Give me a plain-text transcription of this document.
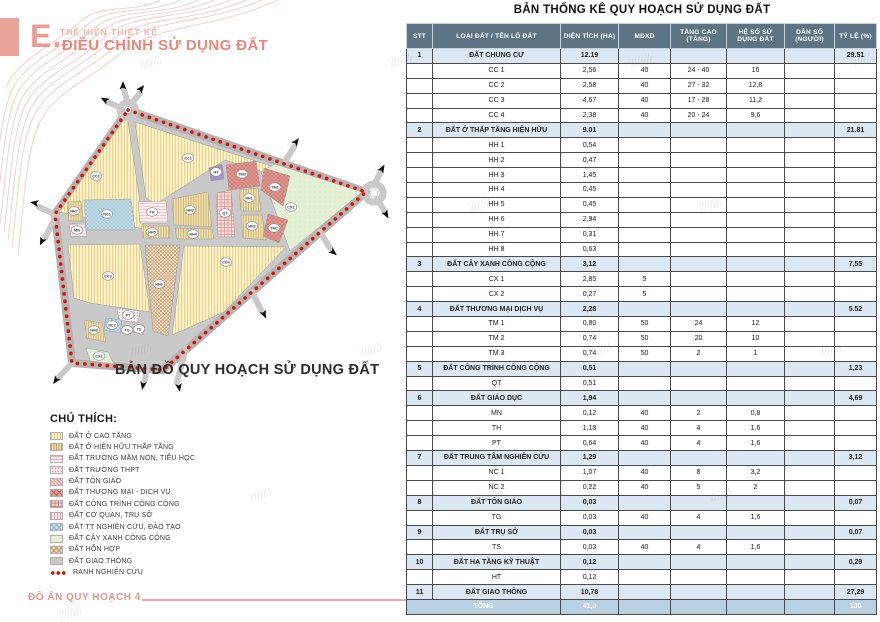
E.
THỂ HIỆN THIẾT KẾ
ĐIỀU CHỈNH SỬ DỤNG ĐẤT
CC1
CC2
CC3
CC4
HH1
HH2
HH3
HH4
HH5
HH6
HH7
HH8
MN
NC1
NC2
TG TS
TH
PT
QT
HT
TM1
TM2
TM3
CX1
CX2
BẢN ĐỒ QUY HOẠCH SỬ DỤNG ĐẤT
CHÚ THÍCH:
ĐẤT Ở CAO TẦNG
ĐẤT Ở HIỆN HỮU THẤP TẦNG
ĐẤT TRƯỜNG MẦM NON, TIỂU HỌC
ĐẤT TRƯỜNG THPT
ĐẤT TÔN GIÁO
ĐẤT THƯƠNG MẠI - DỊCH VỤ
ĐẤT CÔNG TRÌNH CÔNG CỘNG
ĐẤT CƠ QUAN, TRỤ SỞ
ĐẤT TT NGHIÊN CỨU, ĐÀO TẠO
ĐẤT CÂY XANH CÔNG CỘNG
ĐẤT HỖN HỢP
ĐẤT GIAO THÔNG
RANH NGHIÊN CỨU
ĐỒ ÁN QUY HOẠCH 4
BẢN THỐNG KÊ QUY HOẠCH SỬ DỤNG ĐẤT
STT	LOẠI ĐẤT / TÊN LÔ ĐẤT	DIỆN TÍCH (HA)	MĐXD	TẦNG CAO (TẦNG)	HỆ SỐ SỬ DỤNG ĐẤT	DÂN SỐ (NGƯỜI)	TỶ LỆ (%)
1	ĐẤT CHUNG CƯ	12.19					29.51
	CC 1	2,56	40	24 - 40	16		
	CC 2	2,58	40	27 - 32	12,8		
	CC 3	4,67	40	17 - 28	11,2		
	CC 4	2,38	40	20 - 24	9,6		
2	ĐẤT Ở THẤP TẦNG HIỆN HỮU	9.01					21.81
	HH 1	0,54					
	HH 2	0,47					
	HH 3	1,45					
	HH 4	0,45					
	HH 5	0,45					
	HH 6	2,94					
	HH 7	0,31					
	HH 8	0,63					
3	ĐẤT CÂY XANH CÔNG CỘNG	3,12					7,55
	CX 1	2,85	5				
	CX 2	0,27	5				
4	ĐẤT THƯƠNG MẠI DỊCH VỤ	2,28					5.52
	TM 1	0,80	50	24	12		
	TM 2	0,74	50	20	10		
	TM 3	0,74	50	2	1		
5	ĐẤT CÔNG TRÌNH CÔNG CỘNG	0,51					1,23
	QT	0,51					
6	ĐẤT GIÁO DỤC	1,94					4,69
	MN	0,12	40	2	0,8		
	TH	1,18	40	4	1,6		
	PT	0,64	40	4	1,6		
7	ĐẤT TRUNG TÂM NGHIÊN CỨU	1,29					3,12
	NC 1	1,07	40	8	3,2		
	NC 2	0,22	40	5	2		
8	ĐẤT TÔN GIÁO	0,03					0,07
	TG	0,03	40	4	1,6		
9	ĐẤT TRỤ SỞ	0,03					0,07
	TS	0,03	40	4	1,6		
10	ĐẤT HẠ TẦNG KỸ THUẬT	0,12					0,29
	HT	0,12					
11	ĐẤT GIAO THÔNG	10,78					27,29
TỔNG		41,3					100
